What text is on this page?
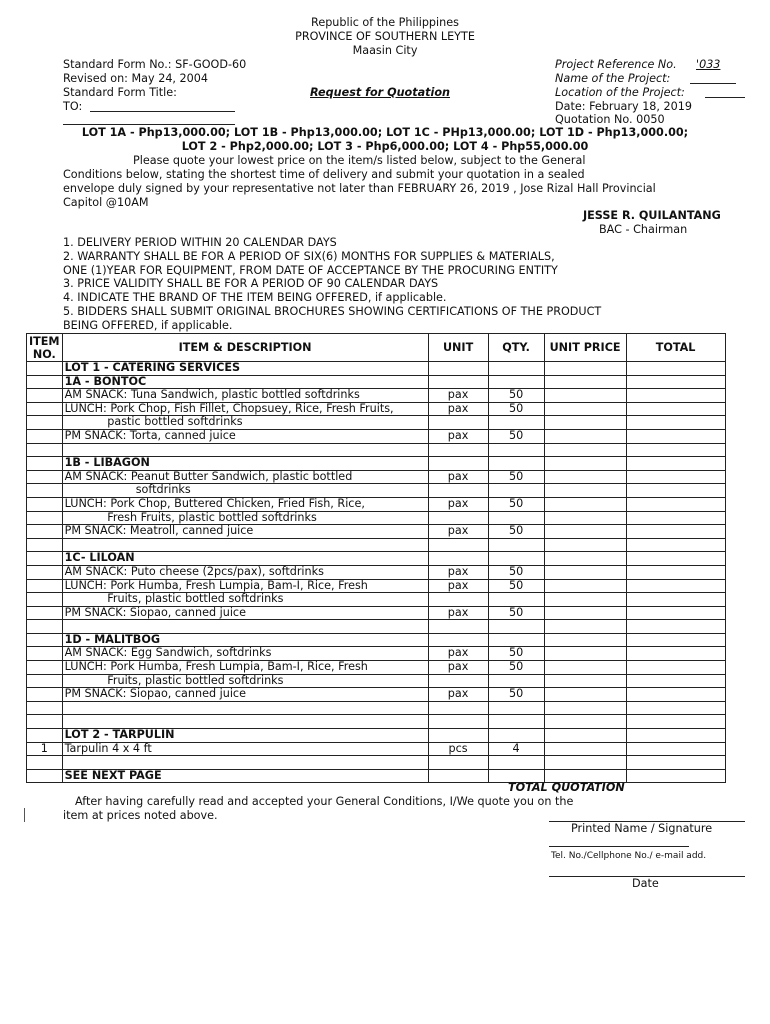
Republic of the Philippines
PROVINCE OF SOUTHERN LEYTE
Maasin City
Standard Form No.: SF-GOOD-60
Revised on: May 24, 2004
Standard Form Title:
TO:
Request for Quotation
Project Reference No. '033
Name of the Project:
Location of the Project:
Date: February 18, 2019
Quotation No. 0050
LOT 1A - Php13,000.00; LOT 1B - Php13,000.00; LOT 1C - PHp13,000.00; LOT 1D - Php13,000.00;
LOT 2 - Php2,000.00; LOT 3 - Php6,000.00; LOT 4 - Php55,000.00
Please quote your lowest price on the item/s listed below, subject to the General
Conditions below, stating the shortest time of delivery and submit your quotation in a sealed
envelope duly signed by your representative not later than FEBRUARY 26, 2019 , Jose Rizal Hall Provincial
Capitol @10AM
JESSE R. QUILANTANG
BAC - Chairman
1. DELIVERY PERIOD WITHIN 20 CALENDAR DAYS
2. WARRANTY SHALL BE FOR A PERIOD OF SIX(6) MONTHS FOR SUPPLIES & MATERIALS,
ONE (1)YEAR FOR EQUIPMENT, FROM DATE OF ACCEPTANCE BY THE PROCURING ENTITY
3. PRICE VALIDITY SHALL BE FOR A PERIOD OF 90 CALENDAR DAYS
4. INDICATE THE BRAND OF THE ITEM BEING OFFERED, if applicable.
5. BIDDERS SHALL SUBMIT ORIGINAL BROCHURES SHOWING CERTIFICATIONS OF THE PRODUCT
BEING OFFERED, if applicable.
ITEM NO.	ITEM & DESCRIPTION	UNIT	QTY.	UNIT PRICE	TOTAL
	LOT 1 - CATERING SERVICES				
	1A - BONTOC				
	AM SNACK: Tuna Sandwich, plastic bottled softdrinks	pax	50		
	LUNCH: Pork Chop, Fish Fillet, Chopsuey, Rice, Fresh Fruits,	pax	50		
	pastic bottled softdrinks				
	PM SNACK: Torta, canned juice	pax	50		

	1B - LIBAGON				
	AM SNACK: Peanut Butter Sandwich, plastic bottled	pax	50		
	softdrinks				
	LUNCH: Pork Chop, Buttered Chicken, Fried Fish, Rice,	pax	50		
	Fresh Fruits, plastic bottled softdrinks				
	PM SNACK: Meatroll, canned juice	pax	50		

	1C- LILOAN				
	AM SNACK: Puto cheese (2pcs/pax), softdrinks	pax	50		
	LUNCH: Pork Humba, Fresh Lumpia, Bam-I, Rice, Fresh	pax	50		
	Fruits, plastic bottled softdrinks				
	PM SNACK: Siopao, canned juice	pax	50		

	1D - MALITBOG				
	AM SNACK: Egg Sandwich, softdrinks	pax	50		
	LUNCH: Pork Humba, Fresh Lumpia, Bam-I, Rice, Fresh	pax	50		
	Fruits, plastic bottled softdrinks				
	PM SNACK: Siopao, canned juice	pax	50		

	LOT 2 - TARPULIN				
1	Tarpulin 4 x 4 ft	pcs	4		

	SEE NEXT PAGE				
TOTAL QUOTATION
After having carefully read and accepted your General Conditions, I/We quote you on the
item at prices noted above.
Printed Name / Signature
Tel. No./Cellphone No./ e-mail add.
Date
